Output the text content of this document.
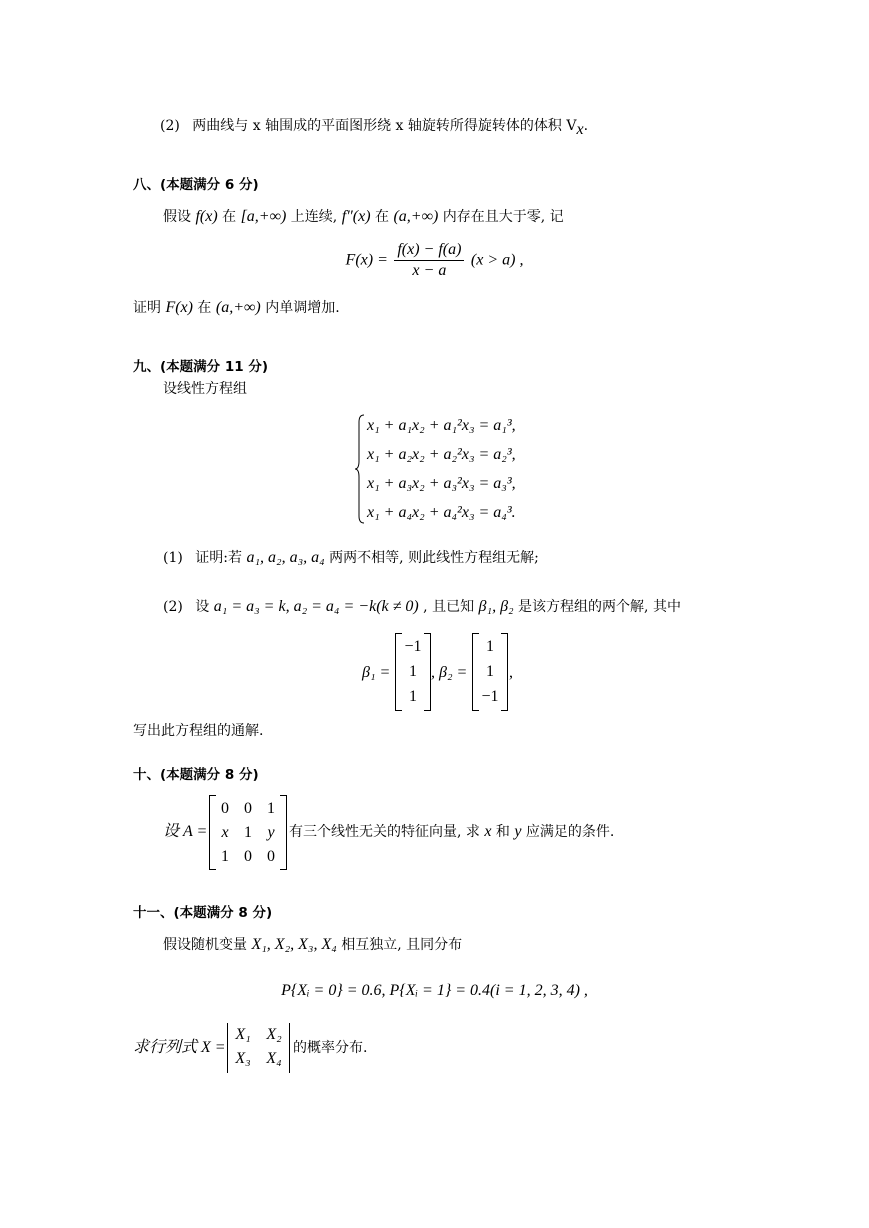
(2) 两曲线与 x 轴围成的平面图形绕 x 轴旋转所得旋转体的体积 $V_x$.
八、(本题满分 6 分)
假设 f(x) 在 [a,+∞) 上连续, f″(x) 在 (a,+∞) 内存在且大于零, 记
$F(x) = \frac{f(x) - f(a)}{x - a} (x > a)$ ,
证明 F(x) 在 (a,+∞) 内单调增加.
九、(本题满分 11 分)
设线性方程组
x₁ + a₁x₂ + a₁²x₃ = a₁³,
x₁ + a₂x₂ + a₂²x₃ = a₂³,
x₁ + a₃x₂ + a₃²x₃ = a₃³,
x₁ + a₄x₂ + a₄²x₃ = a₄³.
(1) 证明:若 a₁, a₂, a₃, a₄ 两两不相等, 则此线性方程组无解;
(2) 设 a₁ = a₃ = k, a₂ = a₄ = −k(k ≠ 0) , 且已知 β₁, β₂ 是该方程组的两个解, 其中
β₁ =
−1
1
1
, β₂ =
1
1
−1
,
写出此方程组的通解.
十、(本题满分 8 分)
设 A =
0 0 1
x 1 y
1 0 0
有三个线性无关的特征向量, 求 x 和 y 应满足的条件.
十一、(本题满分 8 分)
假设随机变量 X₁, X₂, X₃, X₄ 相互独立, 且同分布
P{Xᵢ = 0} = 0.6, P{Xᵢ = 1} = 0.4(i = 1, 2, 3, 4) ,
求行列式 X =
X₁ X₂
X₃ X₄
的概率分布.
